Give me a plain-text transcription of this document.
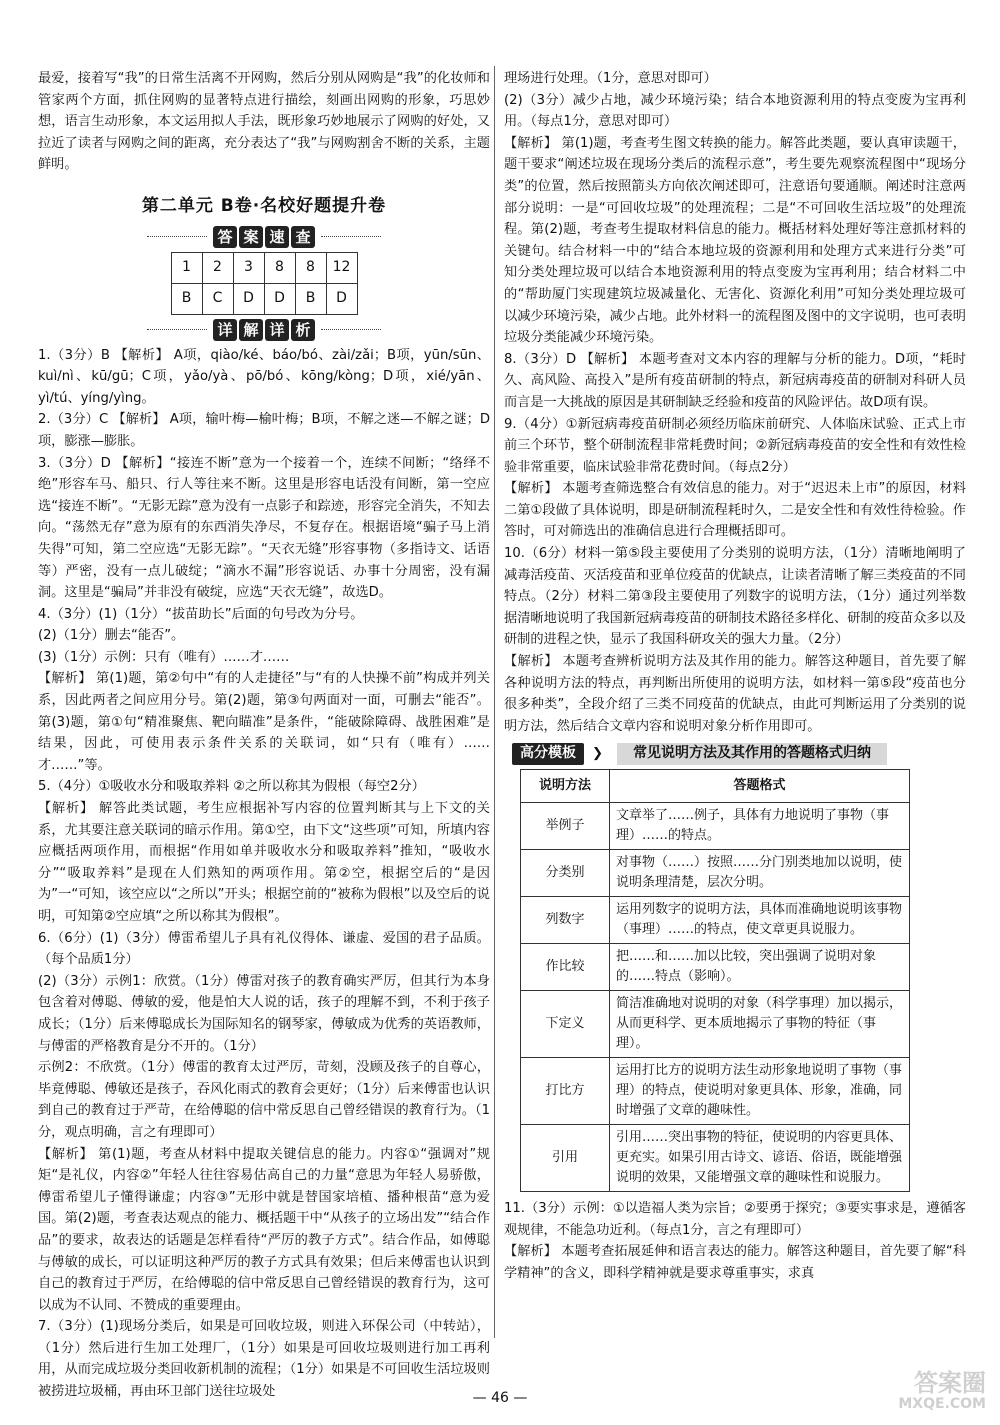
最爱，接着写“我”的日常生活离不开网购，然后分别从网购是“我”的化妆师和管家两个方面，抓住网购的显著特点进行描绘，刻画出网购的形象，巧思妙想，语言生动形象，本文运用拟人手法，既形象巧妙地展示了网购的好处，又拉近了读者与网购之间的距离，充分表达了“我”与网购割舍不断的关系，主题鲜明。

第二单元 B卷·名校好题提升卷
答 案 速 查
1	2	3	8	8	12
B	C	D	D	B	D
详 解 详 析

1.（3分）B 【解析】 A项，qiào/ké、báo/bó、zài/zǎi；B项，yūn/sūn、kuì/nì、kū/gū；C项，yǎo/yà、pō/bó、kōng/kòng；D项，xié/yān、yì/tú、yíng/yìng。

2.（3分）C 【解析】 A项，输叶梅—榆叶梅；B项，不解之迷—不解之谜；D项，膨涨—膨胀。

3.（3分）D 【解析】“接连不断”意为一个接着一个，连续不间断；“络绎不绝”形容车马、船只、行人等往来不断。这里是形容电话没有间断，第一空应选“接连不断”。“无影无踪”意为没有一点影子和踪迹，形容完全消失，不知去向。“荡然无存”意为原有的东西消失净尽，不复存在。根据语境“骗子马上消失得”可知，第二空应选“无影无踪”。“天衣无缝”形容事物（多指诗文、话语等）严密，没有一点儿破绽；“滴水不漏”形容说话、办事十分周密，没有漏洞。这里是“骗局”并非没有破绽，应选“天衣无缝”，故选D。

4.（3分）(1)（1分）“拔苗助长”后面的句号改为分号。

(2)（1分）删去“能否”。

(3)（1分）示例：只有（唯有）……才……

【解析】 第(1)题，第②句中“有的人走捷径”与“有的人快操不前”构成并列关系，因此两者之间应用分号。第(2)题，第③句两面对一面，可删去“能否”。第(3)题，第①句“精准聚焦、靶向瞄准”是条件，“能破除障碍、战胜困难”是结果，因此，可使用表示条件关系的关联词，如“只有（唯有）……才……”等。

5.（4分）①吸收水分和吸取养料 ②之所以称其为假根（每空2分）

【解析】 解答此类试题，考生应根据补写内容的位置判断其与上下文的关系，尤其要注意关联词的暗示作用。第①空，由下文“这些项”可知，所填内容应概括两项作用，而根据“作用如单并吸收水分和吸取养料”推知，“吸收水分”“吸取养料”是现在人们熟知的两项作用。第②空，根据空后的“是因为”一“可知，该空应以“之所以”开头；根据空前的“被称为假根”以及空后的说明，可知第②空应填“之所以称其为假根”。

6.（6分）(1)（3分）傅雷希望儿子具有礼仪得体、谦虚、爱国的君子品质。（每个品质1分）

(2)（3分）示例1：欣赏。（1分）傅雷对孩子的教育确实严厉，但其行为本身包含着对傅聪、傅敏的爱，他是怕大人说的话，孩子的理解不到，不利于孩子成长；（1分）后来傅聪成长为国际知名的钢琴家，傅敏成为优秀的英语教师，与傅雷的严格教育是分不开的。（1分）

示例2：不欣赏。（1分）傅雷的教育太过严厉，苛刻，没顾及孩子的自尊心，毕竟傅聪、傅敏还是孩子，吞风化雨式的教育会更好；（1分）后来傅雷也认识到自己的教育过于严苛，在给傅聪的信中常反思自己曾经错误的教育行为。（1分，观点明确，言之有理即可）

【解析】 第(1)题，考查从材料中提取关键信息的能力。内容①“强调对”规矩“是礼仪，内容②”年轻人往往容易估高自己的力量“意思为年轻人易骄傲，傅雷希望儿子懂得谦虚；内容③”无形中就是替国家培植、播种根苗“意为爱国。第(2)题，考查表达观点的能力、概括题干中“从孩子的立场出发”“结合作品”的要求，故表达的话题是怎样看待“严厉的教子方式”。结合作品，如傅聪与傅敏的成长，可以证明这种严厉的教子方式具有效果；但后来傅雷也认识到自己的教育过于严厉，在给傅聪的信中常反思自己曾经错误的教育行为，这可以成为不认同、不赞成的重要理由。

7.（3分）(1)现场分类后，如果是可回收垃圾，则进入环保公司（中转站），（1分）然后进行生加工处理厂，（1分）如果是可回收垃圾则进行加工再利用，从而完成垃圾分类回收新机制的流程；（1分）如果是不可回收生活垃圾则被捞进垃圾桶，再由环卫部门送往垃圾处

理场进行处理。（1分，意思对即可）

(2)（3分）减少占地，减少环境污染；结合本地资源利用的特点变废为宝再利用。（每点1分，意思对即可）

【解析】 第(1)题，考查考生图文转换的能力。解答此类题，要认真审读题干，题干要求“阐述垃圾在现场分类后的流程示意”，考生要先观察流程图中“现场分类”的位置，然后按照箭头方向依次阐述即可，注意语句要通顺。阐述时注意两部分说明：一是“可回收垃圾”的处理流程；二是“不可回收生活垃圾”的处理流程。第(2)题，考查考生提取材料信息的能力。概括材料处理好等注意抓材料的关键句。结合材料一中的“结合本地垃圾的资源利用和处理方式来进行分类”可知分类处理垃圾可以结合本地资源利用的特点变废为宝再利用；结合材料二中的“帮助厦门实现建筑垃圾减量化、无害化、资源化利用”可知分类处理垃圾可以减少环境污染，减少占地。此外材料一的流程图及图中的文字说明，也可表明垃圾分类能减少环境污染。

8.（3分）D 【解析】 本题考查对文本内容的理解与分析的能力。D项，“耗时久、高风险、高投入”是所有疫苗研制的特点，新冠病毒疫苗的研制对科研人员而言是一大挑战的原因是其研制缺乏经验和疫苗的风险评估。故D项有误。

9.（4分）①新冠病毒疫苗研制必须经历临床前研究、人体临床试验、正式上市前三个环节，整个研制流程非常耗费时间；②新冠病毒疫苗的安全性和有效性检验非常重要，临床试验非常花费时间。（每点2分）

【解析】 本题考查筛选整合有效信息的能力。对于“迟迟未上市”的原因，材料二第①段做了具体说明，即是研制流程耗时久，二是安全性和有效性待检验。作答时，可对筛选出的准确信息进行合理概括即可。

10.（6分）材料一第⑤段主要使用了分类别的说明方法，（1分）清晰地阐明了减毒活疫苗、灭活疫苗和亚单位疫苗的优缺点，让读者清晰了解三类疫苗的不同特点。（2分）材料二第③段主要使用了列数字的说明方法，（1分）通过列举数据清晰地说明了我国新冠病毒疫苗的研制技术路径多样化、研制的疫苗众多以及研制的进程之快，显示了我国科研攻关的强大力量。（2分）

【解析】 本题考查辨析说明方法及其作用的能力。解答这种题目，首先要了解各种说明方法的特点，再判断出所使用的说明方法，如材料一第⑤段“疫苗也分很多种类”，全段介绍了三类不同疫苗的优缺点，由此可判断运用了分类别的说明方法，然后结合文章内容和说明对象分析作用即可。

高分模板	❯	常见说明方法及其作用的答题格式归纳
说明方法	答题格式
举例子	文章举了……例子，具体有力地说明了事物（事理）……的特点。
分类别	对事物（……）按照……分门别类地加以说明，使说明条理清楚，层次分明。
列数字	运用列数字的说明方法，具体而准确地说明该事物（事理）……的特点，使文章更具说服力。
作比较	把……和……加以比较，突出强调了说明对象的……特点（影响）。
下定义	简洁准确地对说明的对象（科学事理）加以揭示，从而更科学、更本质地揭示了事物的特征（事理）。
打比方	运用打比方的说明方法生动形象地说明了事物（事理）的特点，使说明对象更具体、形象，准确，同时增强了文章的趣味性。
引用	引用……突出事物的特征，使说明的内容更具体、更充实。如果引用古诗文、谚语、俗语，既能增强说明的效果，又能增强文章的趣味性和说服力。

11.（3分）示例：①以造福人类为宗旨；②要勇于探究；③要实事求是，遵循客观规律，不能急功近利。（每点1分，言之有理即可）

【解析】 本题考查拓展延伸和语言表达的能力。解答这种题目，首先要了解“科学精神”的含义，即科学精神就是要求尊重事实，求真

— 46 —
答案圈
MXQE.COM
